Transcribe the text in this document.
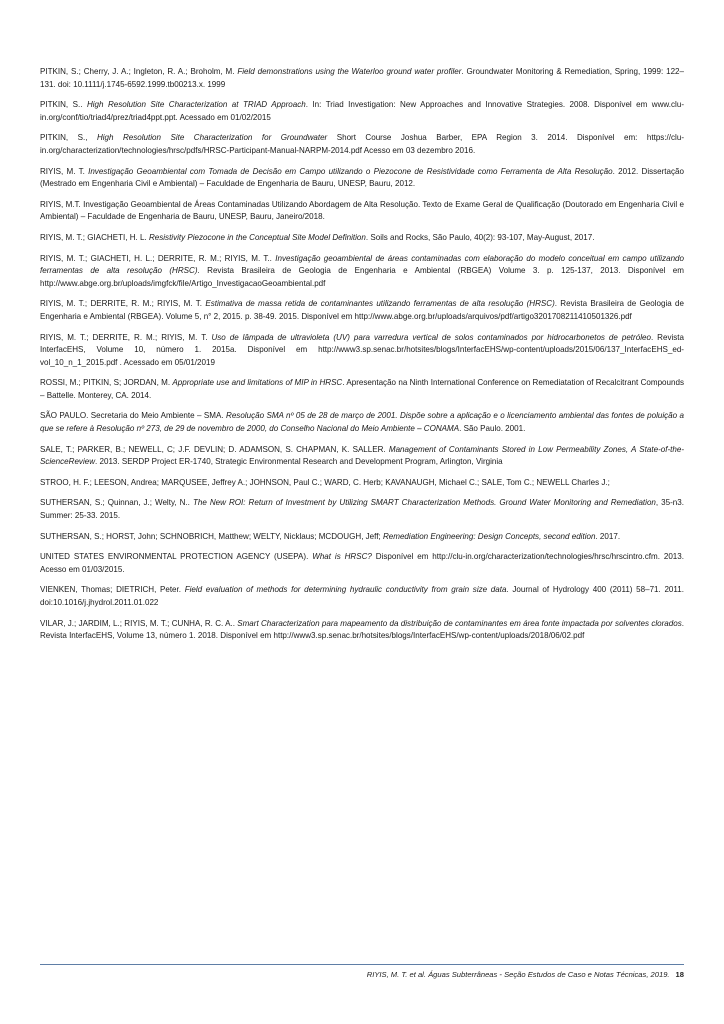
PITKIN, S.; Cherry, J. A.; Ingleton, R. A.; Broholm, M. Field demonstrations using the Waterloo ground water profiler. Groundwater Monitoring & Remediation, Spring, 1999: 122–131. doi: 10.1111/j.1745-6592.1999.tb00213.x. 1999

PITKIN, S.. High Resolution Site Characterization at TRIAD Approach. In: Triad Investigation: New Approaches and Innovative Strategies. 2008. Disponível em www.clu-in.org/conf/tio/triad4/prez/triad4ppt.ppt. Acessado em 01/02/2015

PITKIN, S., High Resolution Site Characterization for Groundwater Short Course Joshua Barber, EPA Region 3. 2014. Disponível em: https://clu-in.org/characterization/technologies/hrsc/pdfs/HRSC-Participant-Manual-NARPM-2014.pdf Acesso em 03 dezembro 2016.

RIYIS, M. T. Investigação Geoambiental com Tomada de Decisão em Campo utilizando o Piezocone de Resistividade como Ferramenta de Alta Resolução. 2012. Dissertação (Mestrado em Engenharia Civil e Ambiental) – Faculdade de Engenharia de Bauru, UNESP, Bauru, 2012.

RIYIS, M.T. Investigação Geoambiental de Áreas Contaminadas Utilizando Abordagem de Alta Resolução. Texto de Exame Geral de Qualificação (Doutorado em Engenharia Civil e Ambiental) – Faculdade de Engenharia de Bauru, UNESP, Bauru, Janeiro/2018.

RIYIS, M. T.; GIACHETI, H. L. Resistivity Piezocone in the Conceptual Site Model Definition. Soils and Rocks, São Paulo, 40(2): 93-107, May-August, 2017.

RIYIS, M. T.; GIACHETI, H. L.; DERRITE, R. M.; RIYIS, M. T.. Investigação geoambiental de áreas contaminadas com elaboração do modelo conceitual em campo utilizando ferramentas de alta resolução (HRSC). Revista Brasileira de Geologia de Engenharia e Ambiental (RBGEA) Volume 3. p. 125-137, 2013. Disponível em http://www.abge.org.br/uploads/imgfck/file/Artigo_InvestigacaoGeoambiental.pdf

RIYIS, M. T.; DERRITE, R. M.; RIYIS, M. T. Estimativa de massa retida de contaminantes utilizando ferramentas de alta resolução (HRSC). Revista Brasileira de Geologia de Engenharia e Ambiental (RBGEA). Volume 5, n° 2, 2015. p. 38-49. 2015. Disponível em http://www.abge.org.br/uploads/arquivos/pdf/artigo3201708211410501326.pdf

RIYIS, M. T.; DERRITE, R. M.; RIYIS, M. T. Uso de lâmpada de ultravioleta (UV) para varredura vertical de solos contaminados por hidrocarbonetos de petróleo. Revista InterfacEHS, Volume 10, número 1. 2015a. Disponível em http://www3.sp.senac.br/hotsites/blogs/InterfacEHS/wp-content/uploads/2015/06/137_InterfacEHS_ed-vol_10_n_1_2015.pdf . Acessado em 05/01/2019

ROSSI, M.; PITKIN, S; JORDAN, M. Appropriate use and limitations of MIP in HRSC. Apresentação na Ninth International Conference on Remediatation of Recalcitrant Compounds – Battelle. Monterey, CA. 2014.

SÃO PAULO. Secretaria do Meio Ambiente – SMA. Resolução SMA nº 05 de 28 de março de 2001. Dispõe sobre a aplicação e o licenciamento ambiental das fontes de poluição a que se refere à Resolução nº 273, de 29 de novembro de 2000, do Conselho Nacional do Meio Ambiente – CONAMA. São Paulo. 2001.

SALE, T.; PARKER, B.; NEWELL, C; J.F. DEVLIN; D. ADAMSON, S. CHAPMAN, K. SALLER. Management of Contaminants Stored in Low Permeability Zones, A State-of-the-ScienceReview. 2013. SERDP Project ER-1740, Strategic Environmental Research and Development Program, Arlington, Virginia

STROO, H. F.; LEESON, Andrea; MARQUSEE, Jeffrey A.; JOHNSON, Paul C.; WARD, C. Herb; KAVANAUGH, Michael C.; SALE, Tom C.; NEWELL Charles J.;

SUTHERSAN, S.; Quinnan, J.; Welty, N.. The New ROI: Return of Investment by Utilizing SMART Characterization Methods. Ground Water Monitoring and Remediation, 35-n3. Summer: 25-33. 2015.

SUTHERSAN, S.; HORST, John; SCHNOBRICH, Matthew; WELTY, Nicklaus; MCDOUGH, Jeff; Remediation Engineering: Design Concepts, second edition. 2017.

UNITED STATES ENVIRONMENTAL PROTECTION AGENCY (USEPA). What is HRSC? Disponível em http://clu-in.org/characterization/technologies/hrsc/hrscintro.cfm. 2013. Acesso em 01/03/2015.

VIENKEN, Thomas; DIETRICH, Peter. Field evaluation of methods for determining hydraulic conductivity from grain size data. Journal of Hydrology 400 (2011) 58–71. 2011. doi:10.1016/j.jhydrol.2011.01.022

VILAR, J.; JARDIM, L.; RIYIS, M. T.; CUNHA, R. C. A.. Smart Characterization para mapeamento da distribuição de contaminantes em área fonte impactada por solventes clorados. Revista InterfacEHS, Volume 13, número 1. 2018. Disponível em http://www3.sp.senac.br/hotsites/blogs/InterfacEHS/wp-content/uploads/2018/06/02.pdf

RIYIS, M. T. et al. Águas Subterrâneas - Seção Estudos de Caso e Notas Técnicas, 2019. 18
